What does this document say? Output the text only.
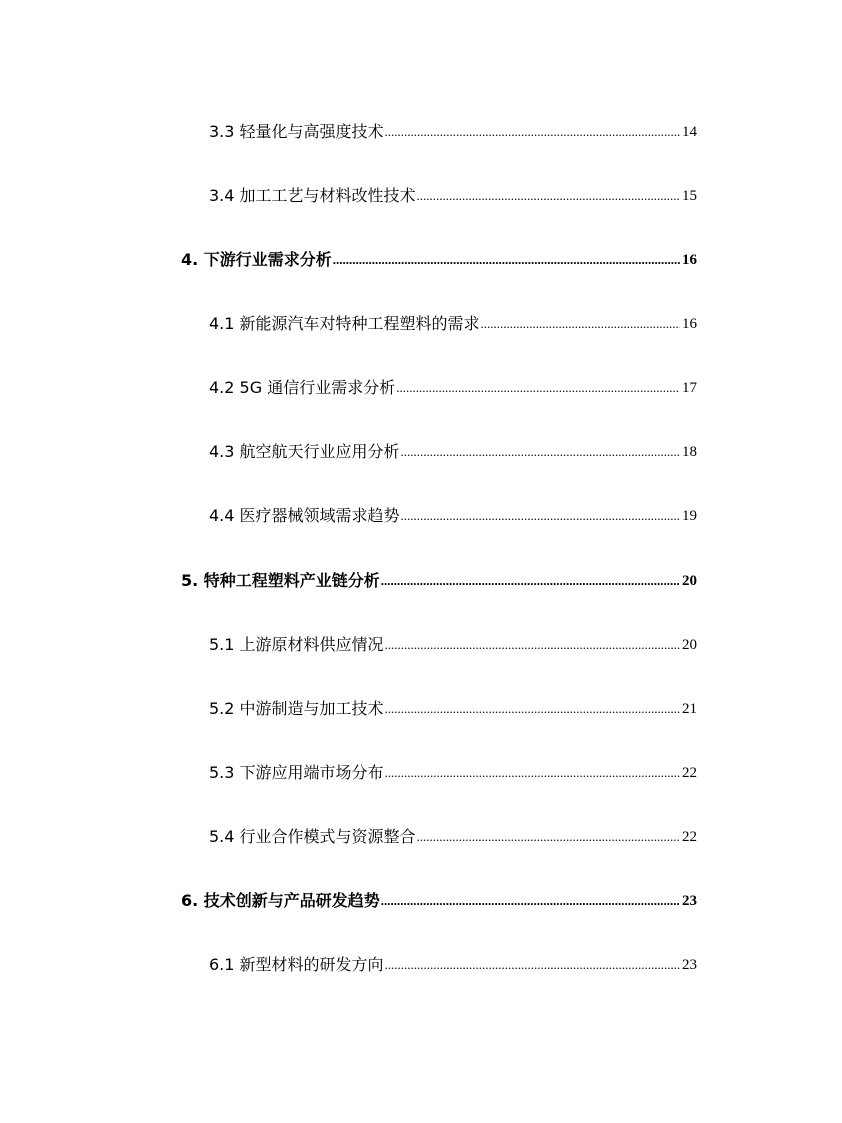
3.3 轻量化与高强度技术 .....	14
3.4 加工工艺与材料改性技术 .....	15
4. 下游行业需求分析 .....	16
4.1 新能源汽车对特种工程塑料的需求 .....	16
4.2 5G 通信行业需求分析 .....	17
4.3 航空航天行业应用分析 .....	18
4.4 医疗器械领域需求趋势 .....	19
5. 特种工程塑料产业链分析 .....	20
5.1 上游原材料供应情况 .....	20
5.2 中游制造与加工技术 .....	21
5.3 下游应用端市场分布 .....	22
5.4 行业合作模式与资源整合 .....	22
6. 技术创新与产品研发趋势 .....	23
6.1 新型材料的研发方向 .....	23
